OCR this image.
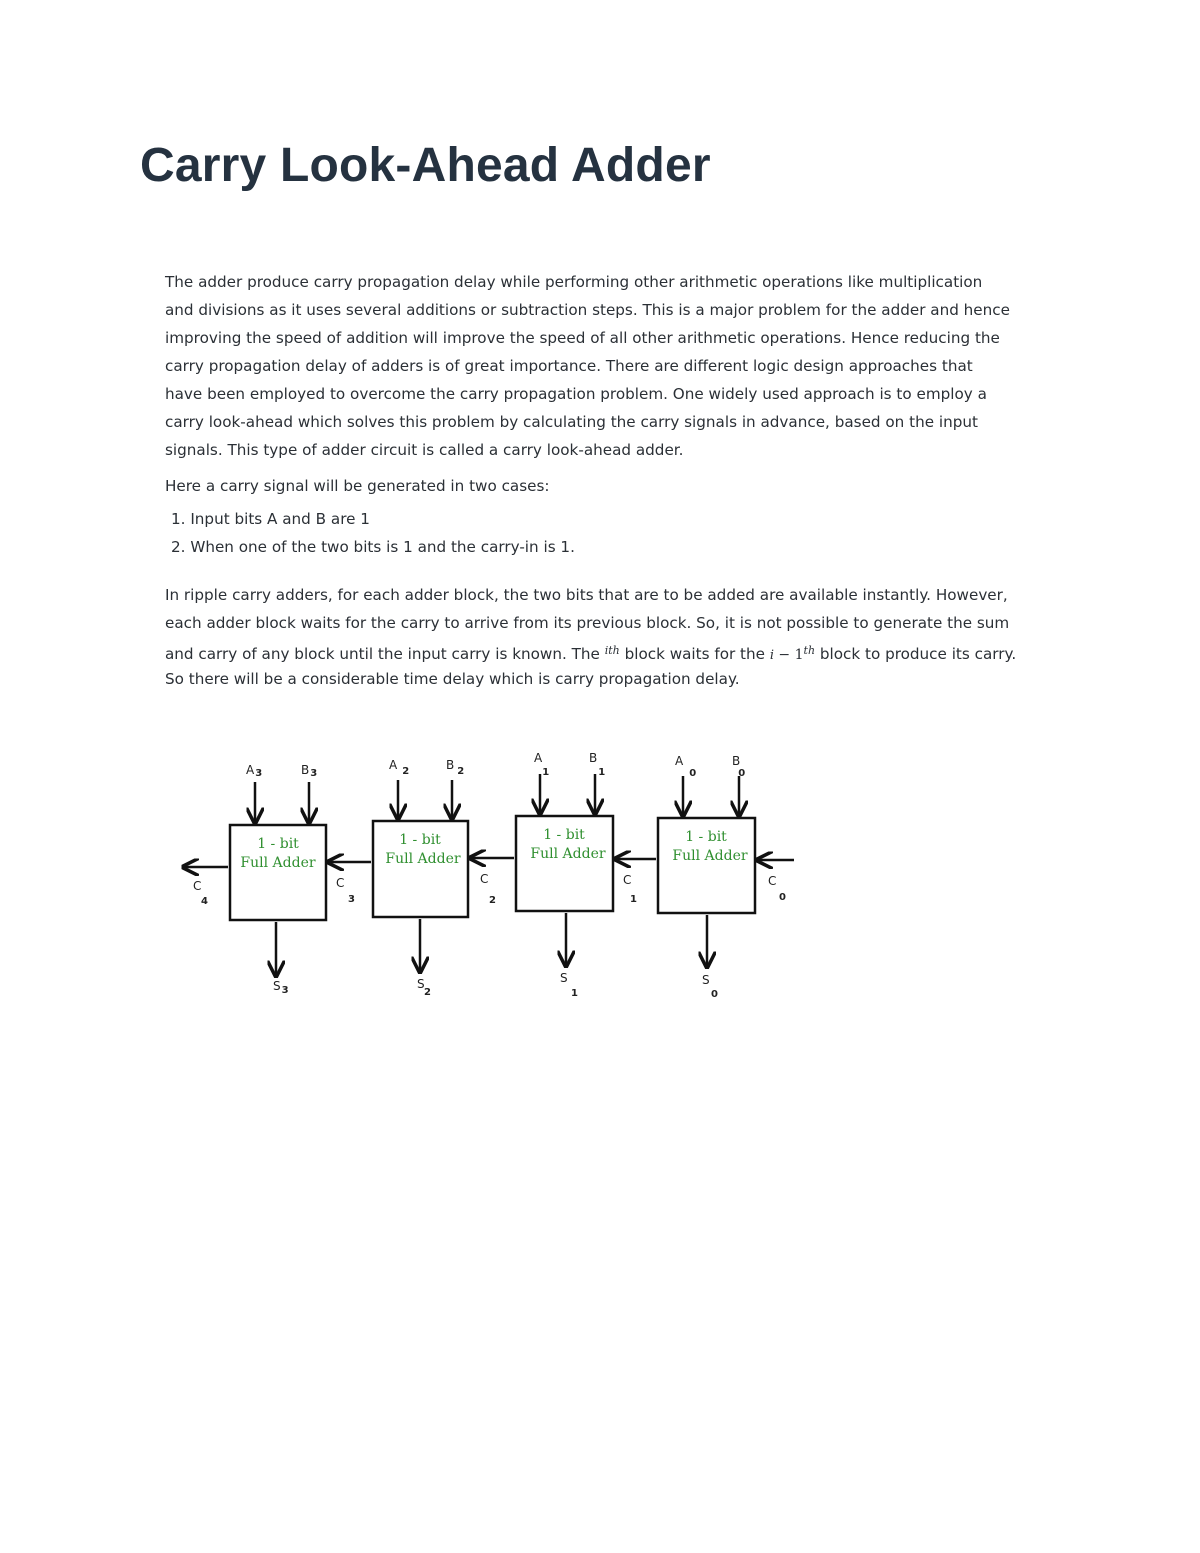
Carry Look-Ahead Adder
The adder produce carry propagation delay while performing other arithmetic operations like multiplication
and divisions as it uses several additions or subtraction steps. This is a major problem for the adder and hence
improving the speed of addition will improve the speed of all other arithmetic operations. Hence reducing the
carry propagation delay of adders is of great importance. There are different logic design approaches that
have been employed to overcome the carry propagation problem. One widely used approach is to employ a
carry look-ahead which solves this problem by calculating the carry signals in advance, based on the input
signals. This type of adder circuit is called a carry look-ahead adder.
Here a carry signal will be generated in two cases:
1. Input bits A and B are 1
2. When one of the two bits is 1 and the carry-in is 1.
In ripple carry adders, for each adder block, the two bits that are to be added are available instantly. However,
each adder block waits for the carry to arrive from its previous block. So, it is not possible to generate the sum
and carry of any block until the input carry is known. The $^{ith}$ block waits for the i − 1th block to produce its carry.
So there will be a considerable time delay which is carry propagation delay.
1 - bit
Full Adder
1 - bit
Full Adder
1 - bit
Full Adder
1 - bit
Full Adder
A3	B3
A $_2$	B $_2$
$A_1$
$B_1$
$A_0$
B 0
C4
C3
C2
C 1
C0
$S_3$	S2
S1
S0
